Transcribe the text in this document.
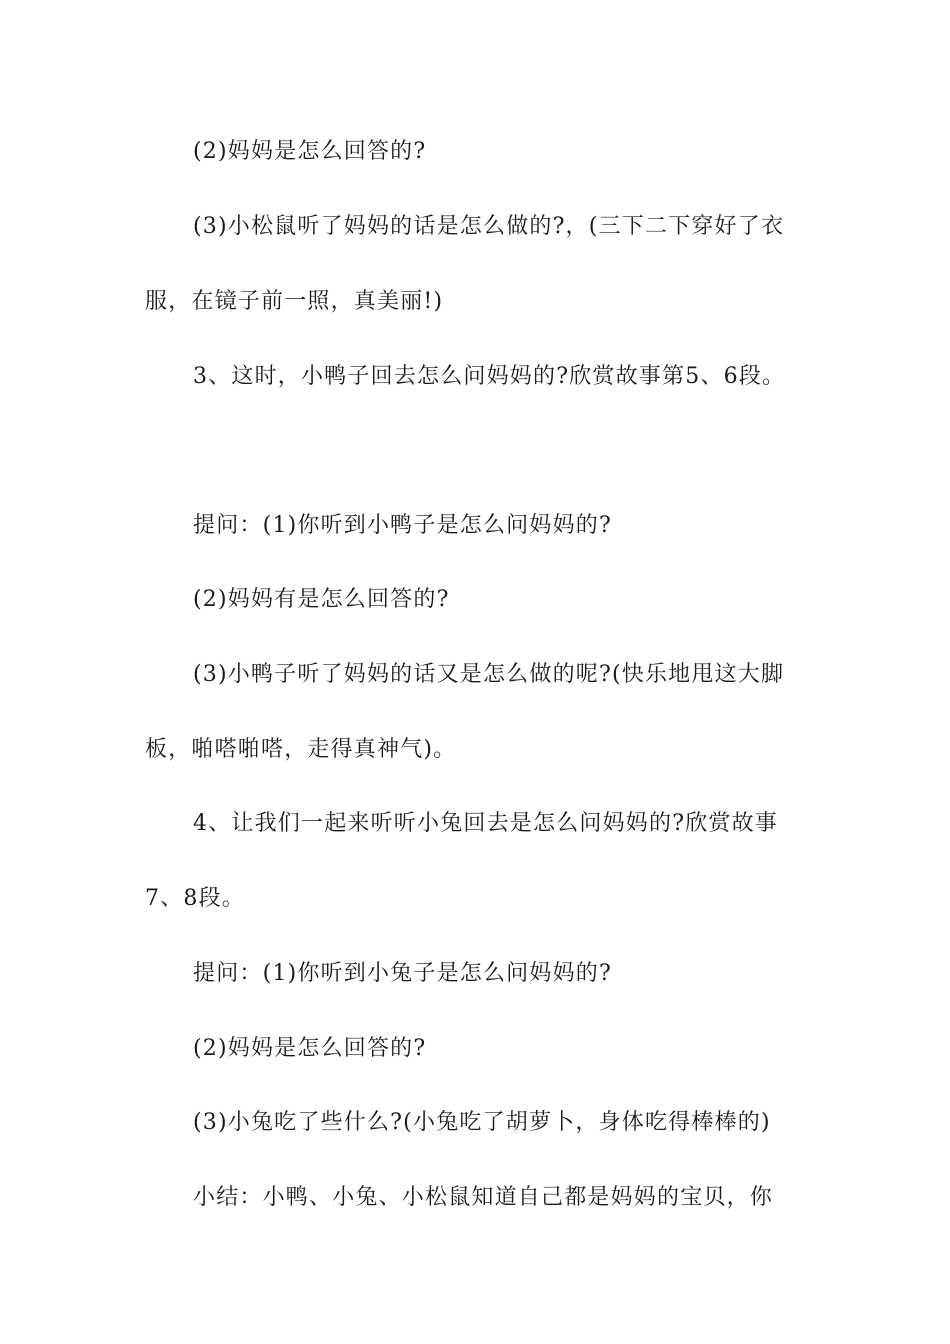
(2)妈妈是怎么回答的?
(3)小松鼠听了妈妈的话是怎么做的?，(三下二下穿好了衣
服，在镜子前一照，真美丽!)
3、这时，小鸭子回去怎么问妈妈的?欣赏故事第5、6段。
提问：(1)你听到小鸭子是怎么问妈妈的?
(2)妈妈有是怎么回答的?
(3)小鸭子听了妈妈的话又是怎么做的呢?(快乐地甩这大脚
板，啪嗒啪嗒，走得真神气)。
4、让我们一起来听听小兔回去是怎么问妈妈的?欣赏故事
7、8段。
提问：(1)你听到小兔子是怎么问妈妈的?
(2)妈妈是怎么回答的?
(3)小兔吃了些什么?(小兔吃了胡萝卜，身体吃得棒棒的)
小结：小鸭、小兔、小松鼠知道自己都是妈妈的宝贝，你
